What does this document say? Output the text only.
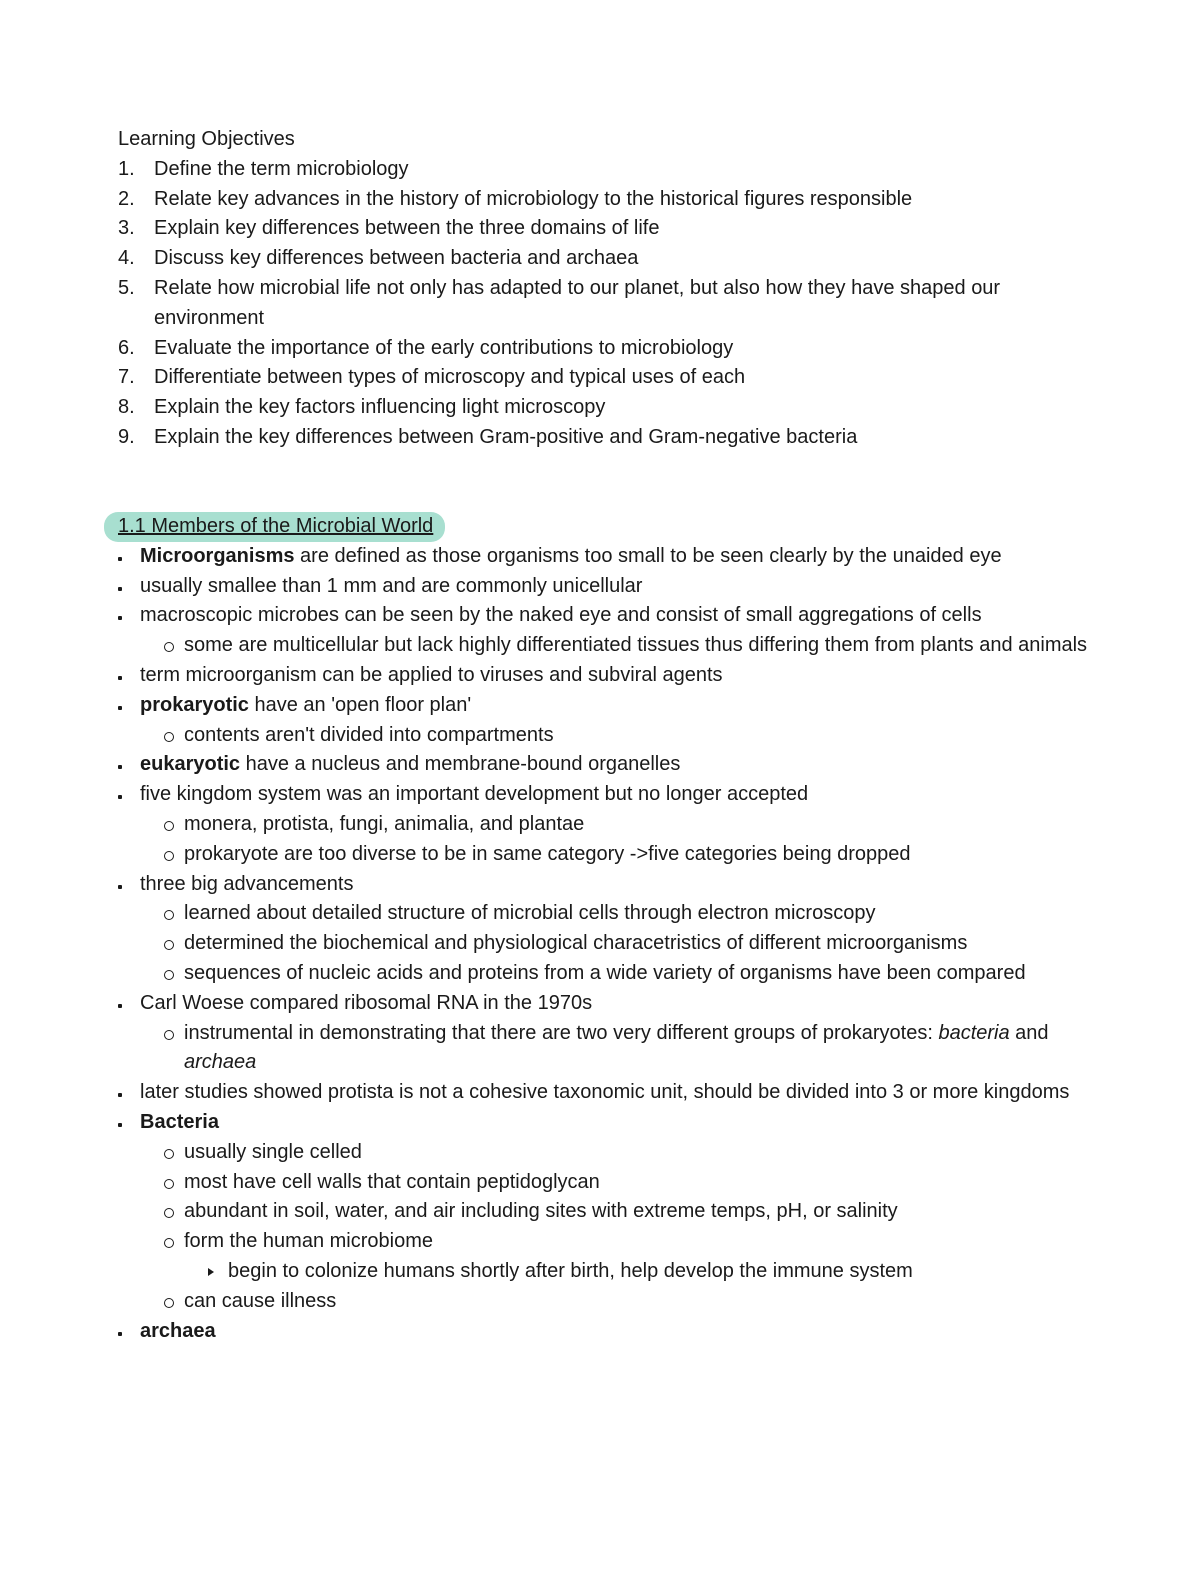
Learning Objectives
1. Define the term microbiology
2. Relate key advances in the history of microbiology to the historical figures responsible
3. Explain key differences between the three domains of life
4. Discuss key differences between bacteria and archaea
5. Relate how microbial life not only has adapted to our planet, but also how they have shaped our environment
6. Evaluate the importance of the early contributions to microbiology
7. Differentiate between types of microscopy and typical uses of each
8. Explain the key factors influencing light microscopy
9. Explain the key differences between Gram-positive and Gram-negative bacteria
1.1 Members of the Microbial World
Microorganisms are defined as those organisms too small to be seen clearly by the unaided eye
usually smallee than 1 mm and are commonly unicellular
macroscopic microbes can be seen by the naked eye and consist of small aggregations of cells
some are multicellular but lack highly differentiated tissues thus differing them from plants and animals
term microorganism can be applied to viruses and subviral agents
prokaryotic have an 'open floor plan'
contents aren't divided into compartments
eukaryotic have a nucleus and membrane-bound organelles
five kingdom system was an important development but no longer accepted
monera, protista, fungi, animalia, and plantae
prokaryote are too diverse to be in same category ->five categories being dropped
three big advancements
learned about detailed structure of microbial cells through electron microscopy
determined the biochemical and physiological characetristics of different microorganisms
sequences of nucleic acids and proteins from a wide variety of organisms have been compared
Carl Woese compared ribosomal RNA in the 1970s
instrumental in demonstrating that there are two very different groups of prokaryotes: bacteria and archaea
later studies showed protista is not a cohesive taxonomic unit, should be divided into 3 or more kingdoms
Bacteria
usually single celled
most have cell walls that contain peptidoglycan
abundant in soil, water, and air including sites with extreme temps, pH, or salinity
form the human microbiome
begin to colonize humans shortly after birth, help develop the immune system
can cause illness
archaea
